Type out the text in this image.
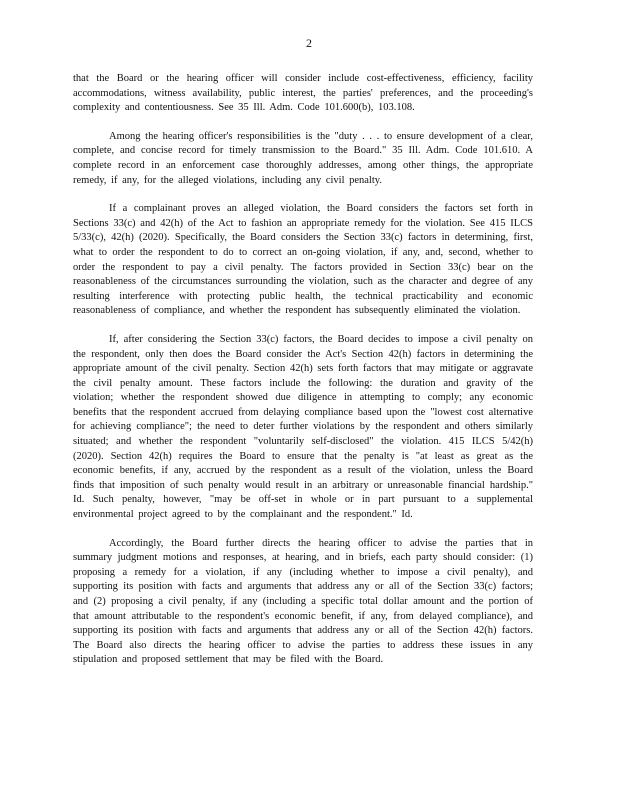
2

that the Board or the hearing officer will consider include cost-effectiveness, efficiency, facility accommodations, witness availability, public interest, the parties' preferences, and the proceeding's complexity and contentiousness. See 35 Ill. Adm. Code 101.600(b), 103.108.

Among the hearing officer's responsibilities is the "duty . . . to ensure development of a clear, complete, and concise record for timely transmission to the Board." 35 Ill. Adm. Code 101.610. A complete record in an enforcement case thoroughly addresses, among other things, the appropriate remedy, if any, for the alleged violations, including any civil penalty.

If a complainant proves an alleged violation, the Board considers the factors set forth in Sections 33(c) and 42(h) of the Act to fashion an appropriate remedy for the violation. See 415 ILCS 5/33(c), 42(h) (2020). Specifically, the Board considers the Section 33(c) factors in determining, first, what to order the respondent to do to correct an on-going violation, if any, and, second, whether to order the respondent to pay a civil penalty. The factors provided in Section 33(c) bear on the reasonableness of the circumstances surrounding the violation, such as the character and degree of any resulting interference with protecting public health, the technical practicability and economic reasonableness of compliance, and whether the respondent has subsequently eliminated the violation.

If, after considering the Section 33(c) factors, the Board decides to impose a civil penalty on the respondent, only then does the Board consider the Act's Section 42(h) factors in determining the appropriate amount of the civil penalty. Section 42(h) sets forth factors that may mitigate or aggravate the civil penalty amount. These factors include the following: the duration and gravity of the violation; whether the respondent showed due diligence in attempting to comply; any economic benefits that the respondent accrued from delaying compliance based upon the "lowest cost alternative for achieving compliance"; the need to deter further violations by the respondent and others similarly situated; and whether the respondent "voluntarily self-disclosed" the violation. 415 ILCS 5/42(h) (2020). Section 42(h) requires the Board to ensure that the penalty is "at least as great as the economic benefits, if any, accrued by the respondent as a result of the violation, unless the Board finds that imposition of such penalty would result in an arbitrary or unreasonable financial hardship." Id. Such penalty, however, "may be off-set in whole or in part pursuant to a supplemental environmental project agreed to by the complainant and the respondent." Id.

Accordingly, the Board further directs the hearing officer to advise the parties that in summary judgment motions and responses, at hearing, and in briefs, each party should consider: (1) proposing a remedy for a violation, if any (including whether to impose a civil penalty), and supporting its position with facts and arguments that address any or all of the Section 33(c) factors; and (2) proposing a civil penalty, if any (including a specific total dollar amount and the portion of that amount attributable to the respondent's economic benefit, if any, from delayed compliance), and supporting its position with facts and arguments that address any or all of the Section 42(h) factors. The Board also directs the hearing officer to advise the parties to address these issues in any stipulation and proposed settlement that may be filed with the Board.
